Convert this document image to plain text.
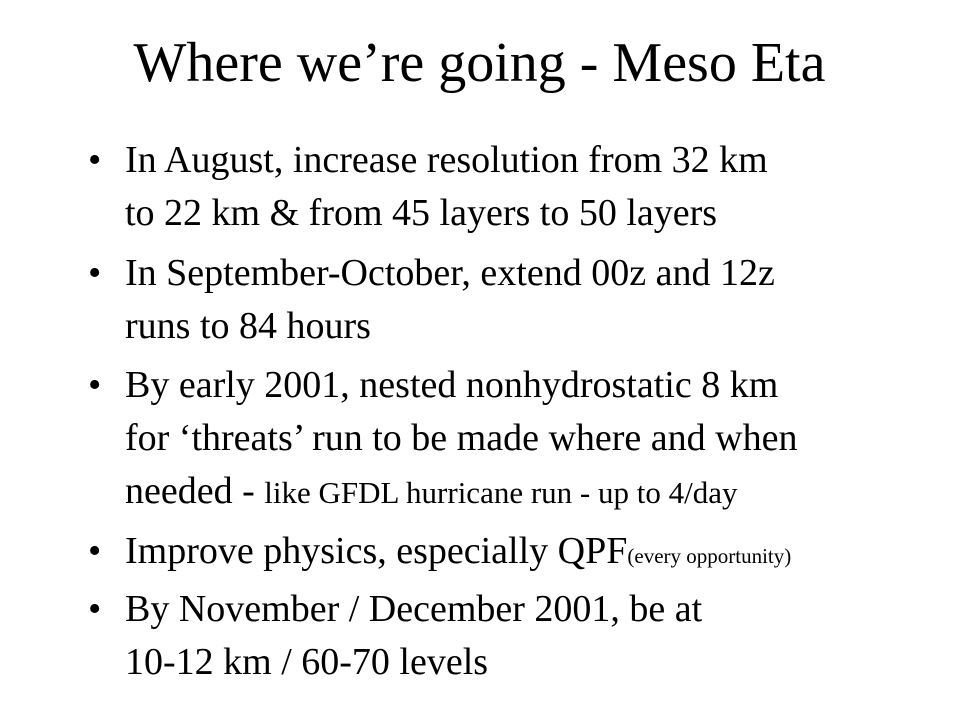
Where we’re going - Meso Eta
• In August, increase resolution from 32 km
to 22 km & from 45 layers to 50 layers
• In September-October, extend 00z and 12z
runs to 84 hours
• By early 2001, nested nonhydrostatic 8 km
for ‘threats’ run to be made where and when
needed - like GFDL hurricane run - up to 4/day
• Improve physics, especially QPF(every opportunity)
• By November / December 2001, be at
10-12 km / 60-70 levels
